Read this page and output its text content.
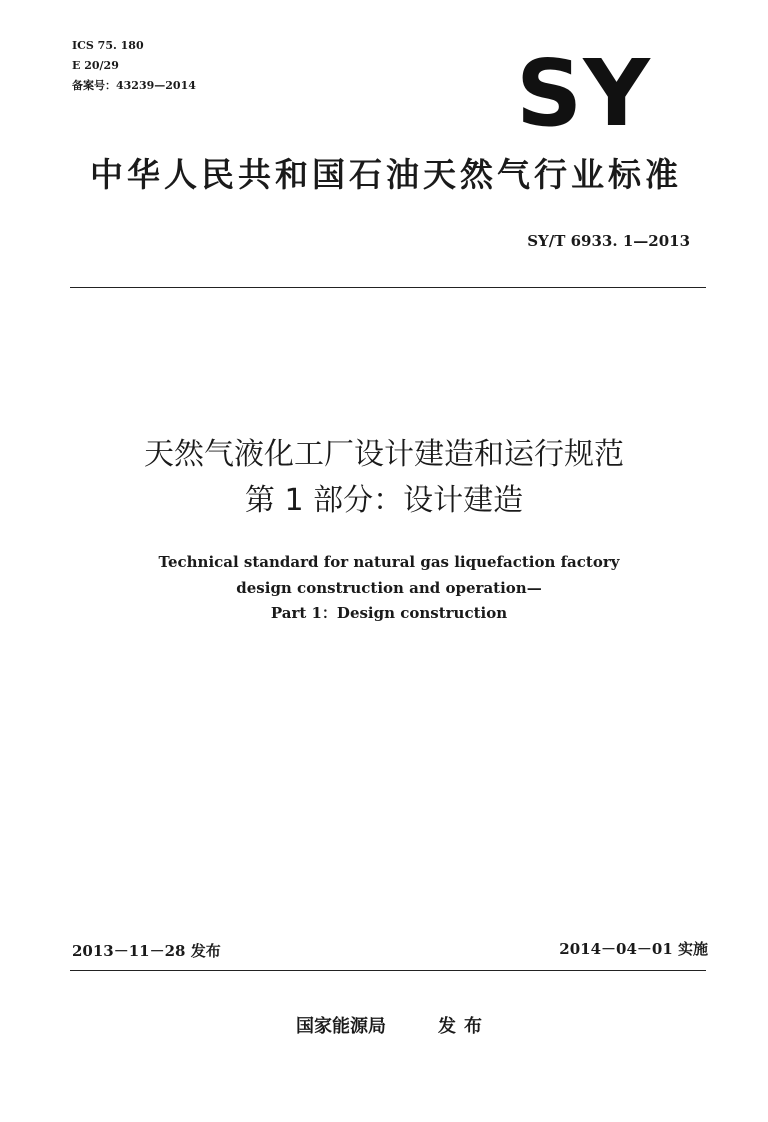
ICS 75. 180
E 20/29
备案号：43239—2014	SY
中华人民共和国石油天然气行业标准
SY/T 6933. 1—2013
天然气液化工厂设计建造和运行规范
第 1 部分：设计建造
Technical standard for natural gas liquefaction factory
design construction and operation—
Part 1：Design construction
2013－11－28 发布	2014－04－01 实施
国家能源局	发布
